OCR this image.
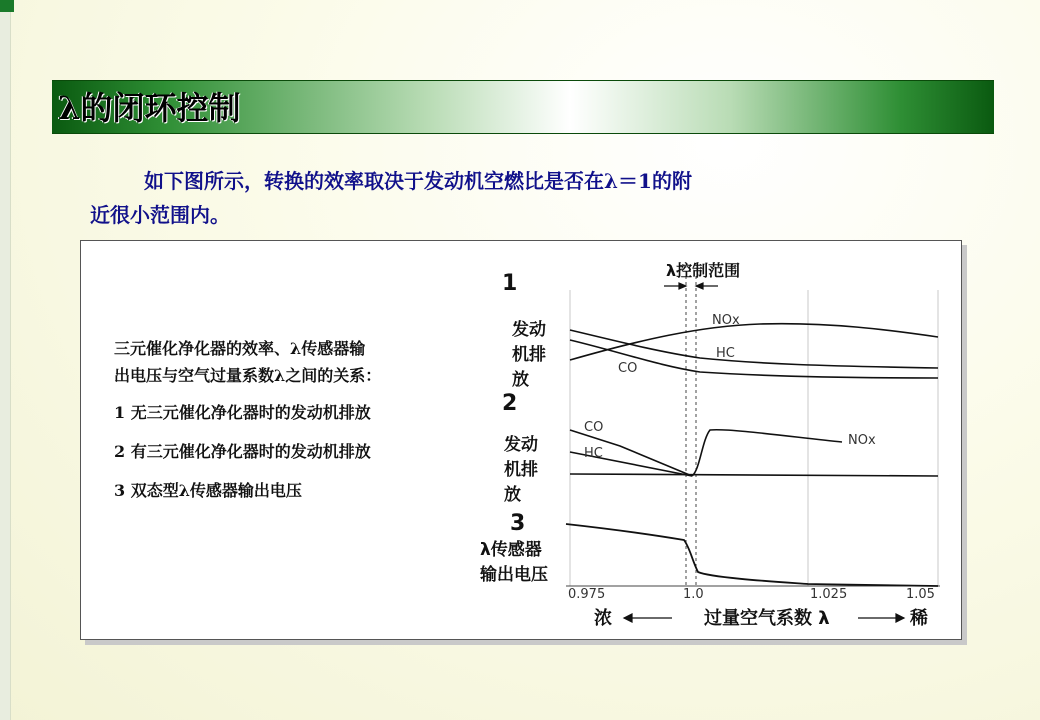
λ的闭环控制
如下图所示，转换的效率取决于发动机空燃比是否在λ＝1的附
近很小范围内。
三元催化净化器的效率、λ传感器输
出电压与空气过量系数λ之间的关系：
1 无三元催化净化器时的发动机排放
2 有三元催化净化器时的发动机排放
3 双态型λ传感器输出电压
λ控制范围
1
2
3
发动
机排
放
发动
机排
放
λ传感器
输出电压
NOx
HC
CO
CO
HC
NOx
0.975	1.0	1.025	1.05
浓	过量空气系数 λ	稀
